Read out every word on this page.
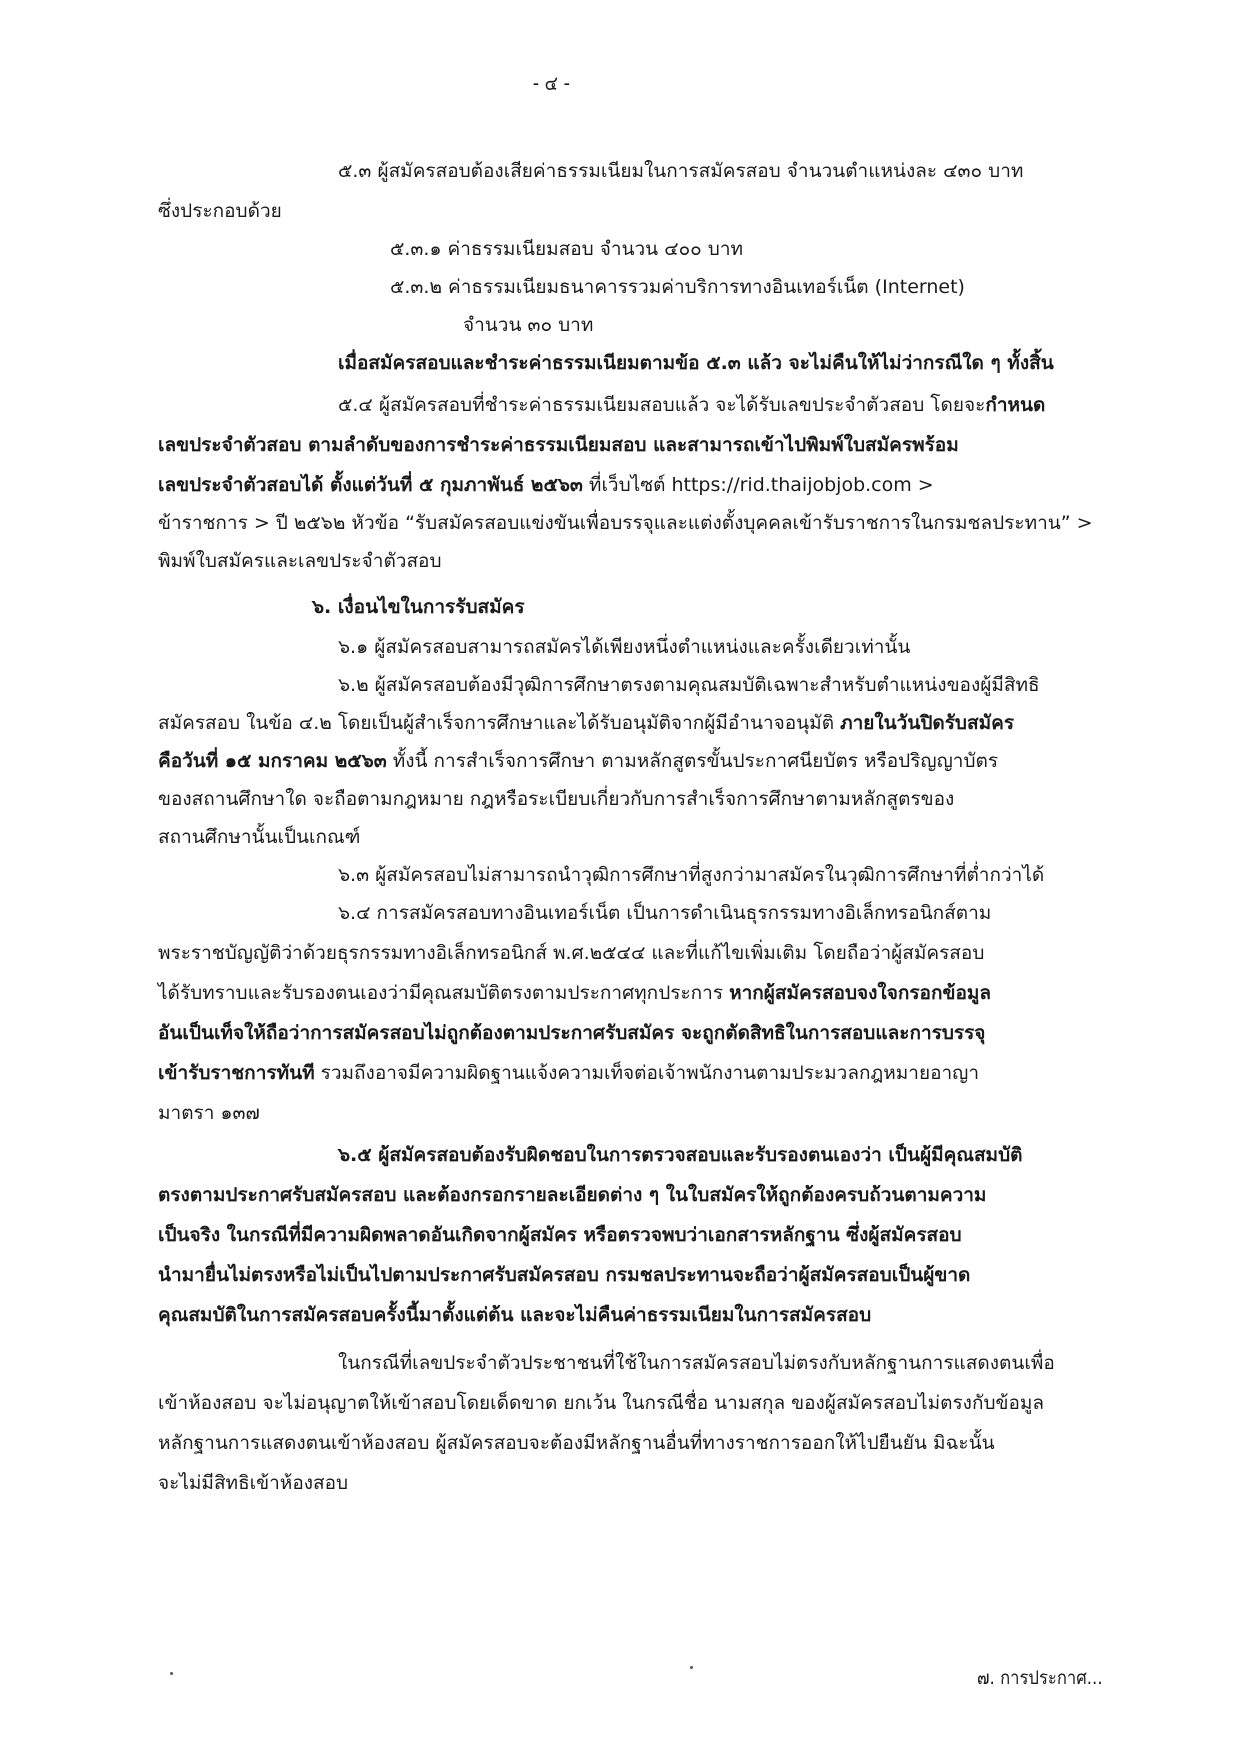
- ๔ -
๕.๓ ผู้สมัครสอบต้องเสียค่าธรรมเนียมในการสมัครสอบ จำนวนตำแหน่งละ ๔๓๐ บาท
ซึ่งประกอบด้วย
๕.๓.๑ ค่าธรรมเนียมสอบ จำนวน ๔๐๐ บาท
๕.๓.๒ ค่าธรรมเนียมธนาคารรวมค่าบริการทางอินเทอร์เน็ต (Internet)
จำนวน ๓๐ บาท
เมื่อสมัครสอบและชำระค่าธรรมเนียมตามข้อ ๕.๓ แล้ว จะไม่คืนให้ไม่ว่ากรณีใด ๆ ทั้งสิ้น
๕.๔ ผู้สมัครสอบที่ชำระค่าธรรมเนียมสอบแล้ว จะได้รับเลขประจำตัวสอบ โดยจะกำหนด
เลขประจำตัวสอบ ตามลำดับของการชำระค่าธรรมเนียมสอบ และสามารถเข้าไปพิมพ์ใบสมัครพร้อม
เลขประจำตัวสอบได้ ตั้งแต่วันที่ ๕ กุมภาพันธ์ ๒๕๖๓ ที่เว็บไซต์ https://rid.thaijobjob.com >
ข้าราชการ > ปี ๒๕๖๒ หัวข้อ “รับสมัครสอบแข่งขันเพื่อบรรจุและแต่งตั้งบุคคลเข้ารับราชการในกรมชลประทาน” >
พิมพ์ใบสมัครและเลขประจำตัวสอบ
๖. เงื่อนไขในการรับสมัคร
๖.๑ ผู้สมัครสอบสามารถสมัครได้เพียงหนึ่งตำแหน่งและครั้งเดียวเท่านั้น
๖.๒ ผู้สมัครสอบต้องมีวุฒิการศึกษาตรงตามคุณสมบัติเฉพาะสำหรับตำแหน่งของผู้มีสิทธิ
สมัครสอบ ในข้อ ๔.๒ โดยเป็นผู้สำเร็จการศึกษาและได้รับอนุมัติจากผู้มีอำนาจอนุมัติ ภายในวันปิดรับสมัคร
คือวันที่ ๑๕ มกราคม ๒๕๖๓ ทั้งนี้ การสำเร็จการศึกษา ตามหลักสูตรขั้นประกาศนียบัตร หรือปริญญาบัตร
ของสถานศึกษาใด จะถือตามกฎหมาย กฎหรือระเบียบเกี่ยวกับการสำเร็จการศึกษาตามหลักสูตรของ
สถานศึกษานั้นเป็นเกณฑ์
๖.๓ ผู้สมัครสอบไม่สามารถนำวุฒิการศึกษาที่สูงกว่ามาสมัครในวุฒิการศึกษาที่ต่ำกว่าได้
๖.๔ การสมัครสอบทางอินเทอร์เน็ต เป็นการดำเนินธุรกรรมทางอิเล็กทรอนิกส์ตาม
พระราชบัญญัติว่าด้วยธุรกรรมทางอิเล็กทรอนิกส์ พ.ศ.๒๕๔๔ และที่แก้ไขเพิ่มเติม โดยถือว่าผู้สมัครสอบ
ได้รับทราบและรับรองตนเองว่ามีคุณสมบัติตรงตามประกาศทุกประการ หากผู้สมัครสอบจงใจกรอกข้อมูล
อันเป็นเท็จให้ถือว่าการสมัครสอบไม่ถูกต้องตามประกาศรับสมัคร จะถูกตัดสิทธิในการสอบและการบรรจุ
เข้ารับราชการทันที รวมถึงอาจมีความผิดฐานแจ้งความเท็จต่อเจ้าพนักงานตามประมวลกฎหมายอาญา
มาตรา ๑๓๗
๖.๕ ผู้สมัครสอบต้องรับผิดชอบในการตรวจสอบและรับรองตนเองว่า เป็นผู้มีคุณสมบัติ
ตรงตามประกาศรับสมัครสอบ และต้องกรอกรายละเอียดต่าง ๆ ในใบสมัครให้ถูกต้องครบถ้วนตามความ
เป็นจริง ในกรณีที่มีความผิดพลาดอันเกิดจากผู้สมัคร หรือตรวจพบว่าเอกสารหลักฐาน ซึ่งผู้สมัครสอบ
นำมายื่นไม่ตรงหรือไม่เป็นไปตามประกาศรับสมัครสอบ กรมชลประทานจะถือว่าผู้สมัครสอบเป็นผู้ขาด
คุณสมบัติในการสมัครสอบครั้งนี้มาตั้งแต่ต้น และจะไม่คืนค่าธรรมเนียมในการสมัครสอบ
ในกรณีที่เลขประจำตัวประชาชนที่ใช้ในการสมัครสอบไม่ตรงกับหลักฐานการแสดงตนเพื่อ
เข้าห้องสอบ จะไม่อนุญาตให้เข้าสอบโดยเด็ดขาด ยกเว้น ในกรณีชื่อ นามสกุล ของผู้สมัครสอบไม่ตรงกับข้อมูล
หลักฐานการแสดงตนเข้าห้องสอบ ผู้สมัครสอบจะต้องมีหลักฐานอื่นที่ทางราชการออกให้ไปยืนยัน มิฉะนั้น
จะไม่มีสิทธิเข้าห้องสอบ
๗. การประกาศ...
